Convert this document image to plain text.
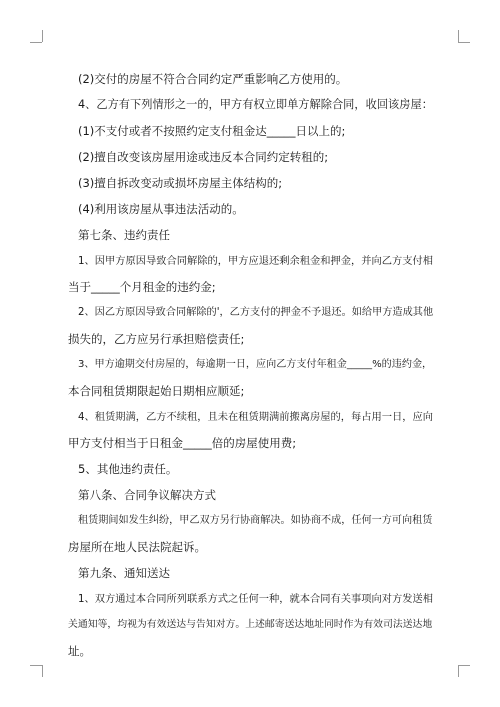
(2)交付的房屋不符合合同约定严重影响乙方使用的。
4、乙方有下列情形之一的，甲方有权立即单方解除合同，收回该房屋：
(1)不支付或者不按照约定支付租金达_____日以上的;
(2)擅自改变该房屋用途或违反本合同约定转租的;
(3)擅自拆改变动或损坏房屋主体结构的;
(4)利用该房屋从事违法活动的。
第七条、违约责任
1、因甲方原因导致合同解除的，甲方应退还剩余租金和押金，并向乙方支付相
当于_____个月租金的违约金;
2、因乙方原因导致合同解除的'，乙方支付的押金不予退还。如给甲方造成其他
损失的，乙方应另行承担赔偿责任;
3、甲方逾期交付房屋的，每逾期一日，应向乙方支付年租金_____%的违约金，
本合同租赁期限起始日期相应顺延;
4、租赁期满，乙方不续租，且未在租赁期满前搬离房屋的，每占用一日，应向
甲方支付相当于日租金_____倍的房屋使用费;
5、其他违约责任。
第八条、合同争议解决方式
租赁期间如发生纠纷，甲乙双方另行协商解决。如协商不成，任何一方可向租赁
房屋所在地人民法院起诉。
第九条、通知送达
1、双方通过本合同所列联系方式之任何一种，就本合同有关事项向对方发送相
关通知等，均视为有效送达与告知对方。上述邮寄送达地址同时作为有效司法送达地
址。
